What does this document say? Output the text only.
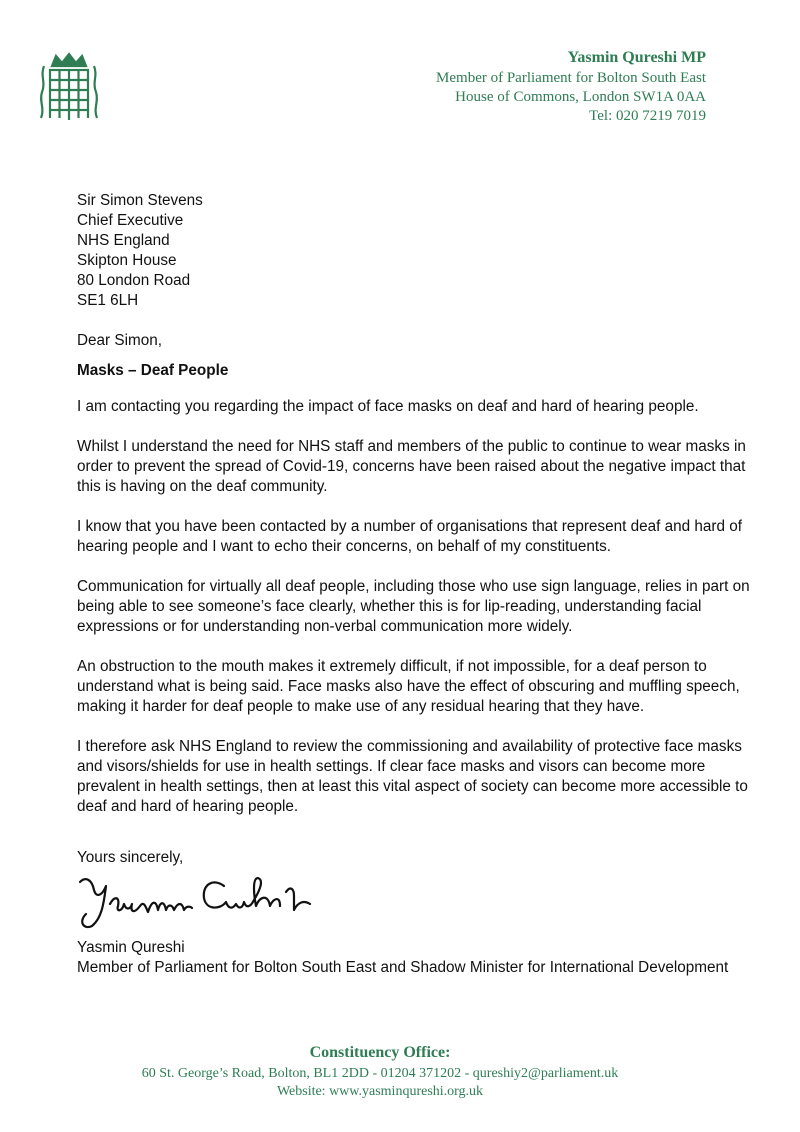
Yasmin Qureshi MP
Member of Parliament for Bolton South East
House of Commons, London SW1A 0AA
Tel: 020 7219 7019
Sir Simon Stevens
Chief Executive
NHS England
Skipton House
80 London Road
SE1 6LH
Dear Simon,
Masks – Deaf People

I am contacting you regarding the impact of face masks on deaf and hard of hearing people.

Whilst I understand the need for NHS staff and members of the public to continue to wear masks in order to prevent the spread of Covid-19, concerns have been raised about the negative impact that this is having on the deaf community.

I know that you have been contacted by a number of organisations that represent deaf and hard of hearing people and I want to echo their concerns, on behalf of my constituents.

Communication for virtually all deaf people, including those who use sign language, relies in part on being able to see someone’s face clearly, whether this is for lip-reading, understanding facial expressions or for understanding non-verbal communication more widely.

An obstruction to the mouth makes it extremely difficult, if not impossible, for a deaf person to understand what is being said. Face masks also have the effect of obscuring and muffling speech, making it harder for deaf people to make use of any residual hearing that they have.

I therefore ask NHS England to review the commissioning and availability of protective face masks and visors/shields for use in health settings. If clear face masks and visors can become more prevalent in health settings, then at least this vital aspect of society can become more accessible to deaf and hard of hearing people.

Yours sincerely,
Yasmin Qureshi
Member of Parliament for Bolton South East and Shadow Minister for International Development
Constituency Office:
60 St. George’s Road, Bolton, BL1 2DD - 01204 371202 - qureshiy2@parliament.uk
Website: www.yasminqureshi.org.uk
